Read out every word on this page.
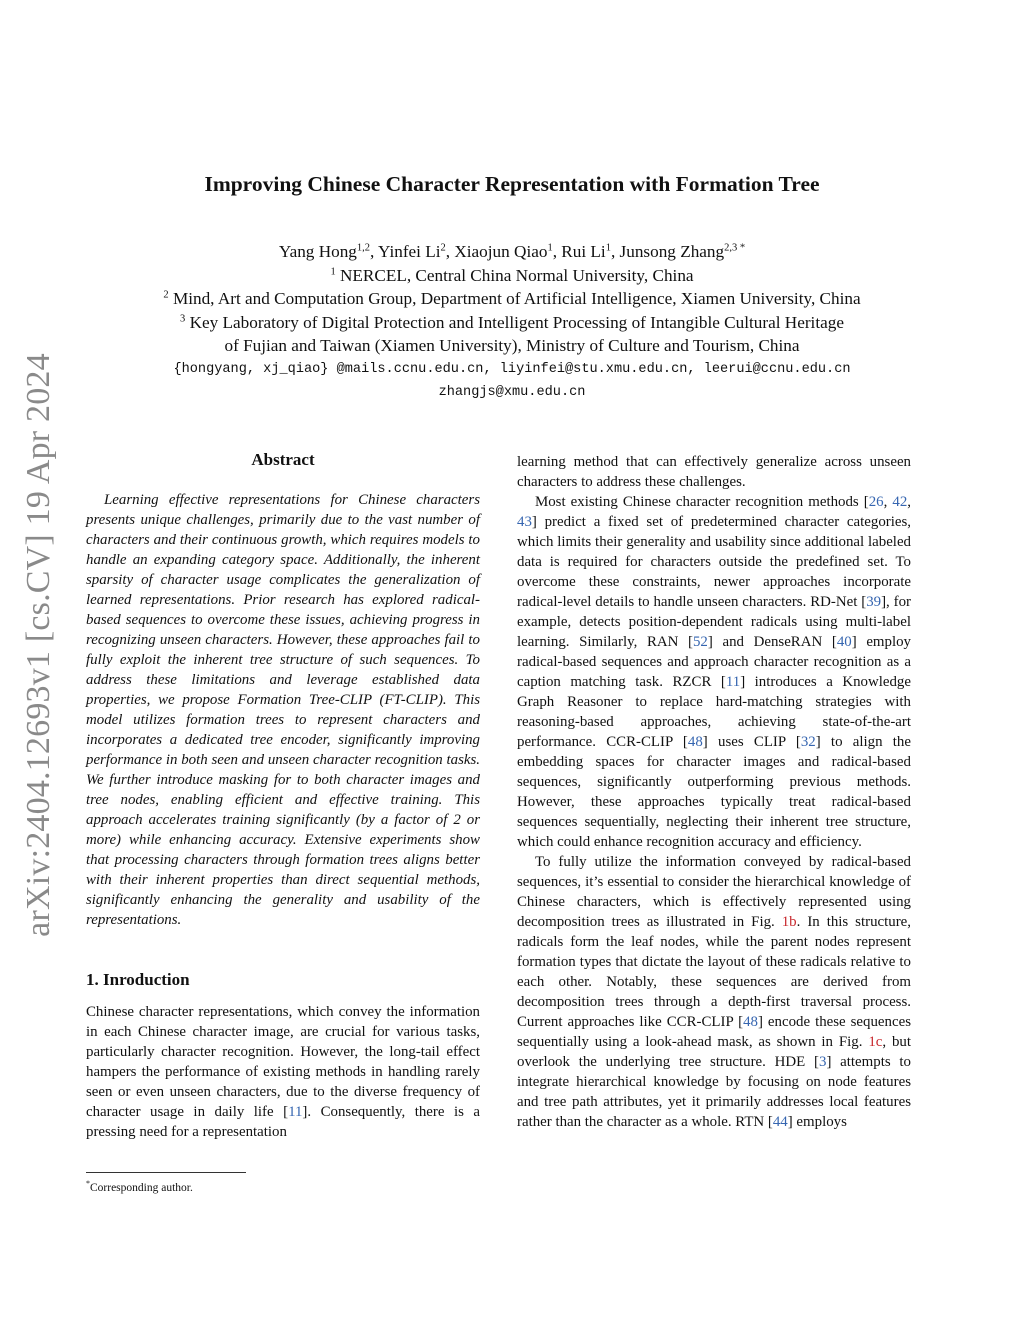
arXiv:2404.12693v1 [cs.CV] 19 Apr 2024
Improving Chinese Character Representation with Formation Tree
Yang Hong$^{1,2}$, Yinfei Li$^2$, Xiaojun Qiao$^1$, Rui Li$^1$, Junsong Zhang$^{2,3 *}$
$^1$ NERCEL, Central China Normal University, China
$^2$ Mind, Art and Computation Group, Department of Artificial Intelligence, Xiamen University, China
$^3$ Key Laboratory of Digital Protection and Intelligent Processing of Intangible Cultural Heritage
of Fujian and Taiwan (Xiamen University), Ministry of Culture and Tourism, China
{hongyang, xj_qiao} @mails.ccnu.edu.cn, liyinfei@stu.xmu.edu.cn, leerui@ccnu.edu.cn
zhangjs@xmu.edu.cn
Abstract

Learning effective representations for Chinese characters presents unique challenges, primarily due to the vast number of characters and their continuous growth, which requires models to handle an expanding category space. Additionally, the inherent sparsity of character usage complicates the generalization of learned representations. Prior research has explored radical-based sequences to overcome these issues, achieving progress in recognizing unseen characters. However, these approaches fail to fully exploit the inherent tree structure of such sequences. To address these limitations and leverage established data properties, we propose Formation Tree-CLIP (FT-CLIP). This model utilizes formation trees to represent characters and incorporates a dedicated tree encoder, significantly improving performance in both seen and unseen character recognition tasks. We further introduce masking for to both character images and tree nodes, enabling efficient and effective training. This approach accelerates training significantly (by a factor of 2 or more) while enhancing accuracy. Extensive experiments show that processing characters through formation trees aligns better with their inherent properties than direct sequential methods, significantly enhancing the generality and usability of the representations.

1. Inroduction

Chinese character representations, which convey the information in each Chinese character image, are crucial for various tasks, particularly character recognition. However, the long-tail effect hampers the performance of existing methods in handling rarely seen or even unseen characters, due to the diverse frequency of character usage in daily life [11]. Consequently, there is a pressing need for a representation

*Corresponding author.

learning method that can effectively generalize across unseen characters to address these challenges.

Most existing Chinese character recognition methods [26, 42, 43] predict a fixed set of predetermined character categories, which limits their generality and usability since additional labeled data is required for characters outside the predefined set. To overcome these constraints, newer approaches incorporate radical-level details to handle unseen characters. RD-Net [39], for example, detects position-dependent radicals using multi-label learning. Similarly, RAN [52] and DenseRAN [40] employ radical-based sequences and approach character recognition as a caption matching task. RZCR [11] introduces a Knowledge Graph Reasoner to replace hard-matching strategies with reasoning-based approaches, achieving state-of-the-art performance. CCR-CLIP [48] uses CLIP [32] to align the embedding spaces for character images and radical-based sequences, significantly outperforming previous methods. However, these approaches typically treat radical-based sequences sequentially, neglecting their inherent tree structure, which could enhance recognition accuracy and efficiency.

To fully utilize the information conveyed by radical-based sequences, it’s essential to consider the hierarchical knowledge of Chinese characters, which is effectively represented using decomposition trees as illustrated in Fig. 1b. In this structure, radicals form the leaf nodes, while the parent nodes represent formation types that dictate the layout of these radicals relative to each other. Notably, these sequences are derived from decomposition trees through a depth-first traversal process. Current approaches like CCR-CLIP [48] encode these sequences sequentially using a look-ahead mask, as shown in Fig. 1c, but overlook the underlying tree structure. HDE [3] attempts to integrate hierarchical knowledge by focusing on node features and tree path attributes, yet it primarily addresses local features rather than the character as a whole. RTN [44] employs
